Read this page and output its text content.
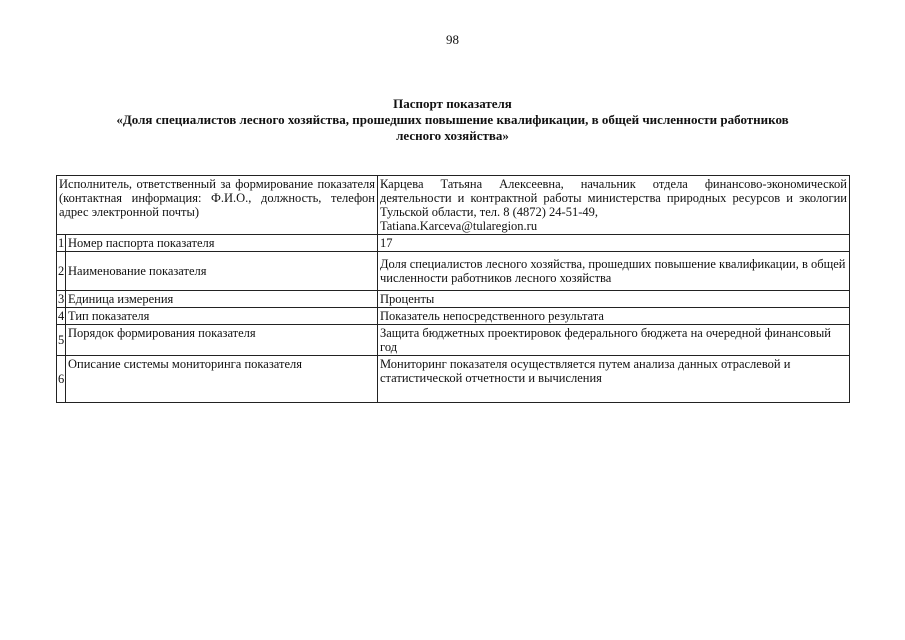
98
Паспорт показателя
«Доля специалистов лесного хозяйства, прошедших повышение квалификации, в общей численности работников
лесного хозяйства»
Исполнитель, ответственный за формирование показателя (контактная информация: Ф.И.О., должность, телефон адрес электронной почты)		Карцева Татьяна Алексеевна, начальник отдела финансово-экономической деятельности и контрактной работы министерства природных ресурсов и экологии Тульской области, тел. 8 (4872) 24-51-49,
Tatiana.Karceva@tularegion.ru

1	Номер паспорта показателя	17
2	Наименование показателя	Доля специалистов лесного хозяйства, прошедших повышение квалификации, в общей численности работников лесного хозяйства
3	Единица измерения	Проценты
4	Тип показателя	Показатель непосредственного результата
5	Порядок формирования показателя	Защита бюджетных проектировок федерального бюджета на очередной финансовый год
6	Описание системы мониторинга показателя	Мониторинг показателя осуществляется путем анализа данных отраслевой и статистической отчетности и вычисления
